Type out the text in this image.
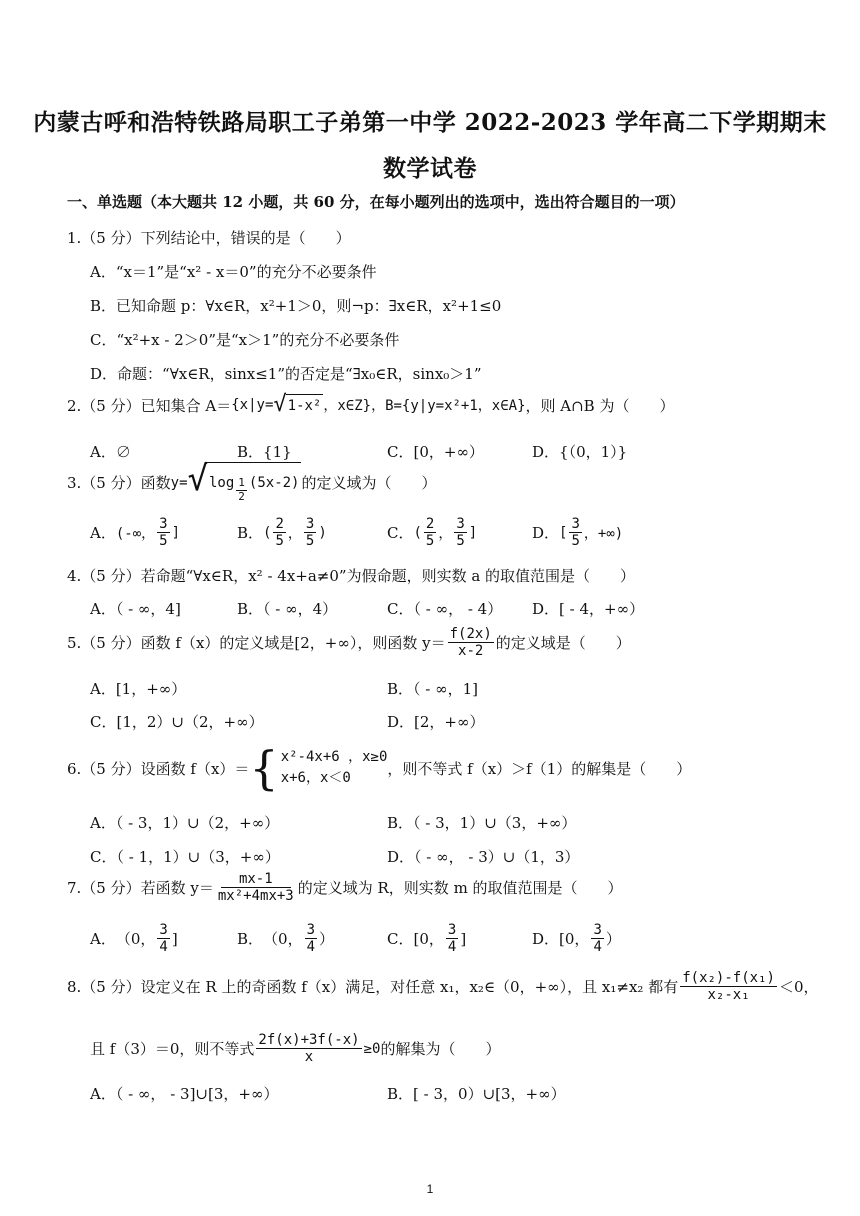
内蒙古呼和浩特铁路局职工子弟第一中学 2022-2023 学年高二下学期期末
数学试卷
一、单选题（本大题共 12 小题，共 60 分，在每小题列出的选项中，选出符合题目的一项）
1.（5 分） 下列结论中，错误的是（　　）
A．“x＝1”是“x² - x＝0”的充分不必要条件
B．已知命题 p：∀x∈R，x²+1＞0，则¬p：∃x∈R，x²+1≤0
C．“x²+x - 2＞0”是“x＞1”的充分不必要条件
D．命题：“∀x∈R，sinx≤1”的否定是“∃x₀∈R，sinx₀＞1”
2.（5 分） 已知集合 A＝ {x|y= √ 1-x² ，x∈Z}，B={y|y=x²+1，x∈A} ，则 A∩B 为（　　）
A．∅	B．{1}	C．[0，+∞）	D．{（0，1）}
3.（5 分） 函数 y= √ $\log \frac{1}{2} (5x-2)$ 的定义域为（　　）
A． (-∞， $\frac{3}{5}$ ]	B． ( $\frac{2}{5}$ ， $\frac{3}{5}$ )	C． ( $\frac{2}{5}$ ， $\frac{3}{5}$ ]	D． [ $\frac{3}{5}$ ，+∞)
4.（5 分） 若命题“∀x∈R，x² - 4x+a≠0”为假命题，则实数 a 的取值范围是（　　）
A．（ - ∞，4]	B．（ - ∞，4）	C．（ - ∞， - 4） D．[ - 4，+∞）
5.（5 分） 函数 f（x）的定义域是[2，+∞），则函数 $y= \frac{f(2x)}{x-2}$ 的定义域是（　　）
A．[1，+∞）	B．（ - ∞，1]
C．[1，2）∪（2，+∞）	D．[2，+∞）
6.（5 分） 设函数 f（x）＝ { x²-4x+6 ，x≥0
x+6，x＜0
，则不等式 f（x）＞f（1）的解集是（　　）
A．（ - 3，1）∪（2，+∞）	B．（ - 3，1）∪（3，+∞）
C．（ - 1，1）∪（3，+∞）	D．（ - ∞， - 3）∪（1，3）
7.（5 分） 若函数 $y= \frac{mx-1}{\text{mx²+4mx+3}}$ 的定义域为 R，则实数 m 的取值范围是（　　）
A． （0， $\frac{3}{4}$ ]	B． （0， $\frac{3}{4}$ ）	C． [0， $\frac{3}{4}$ ]	D． [0， $\frac{3}{4}$ ）
8.（5 分） 设定义在 R 上的奇函数 f（x）满足，对任意 x₁，x₂∈（0，+∞），且 x₁≠x₂ 都有 $\frac{\text{f(x₂)-f(x₁)}}{\text{x₂-x₁}} <0$，
且 f（3）＝0，则不等式 $\frac{2f(x)+3f(-x)}{x} \ge 0$ 的解集为（　　）
A．（ - ∞， - 3]∪[3，+∞）	B．[ - 3，0）∪[3，+∞）
1
